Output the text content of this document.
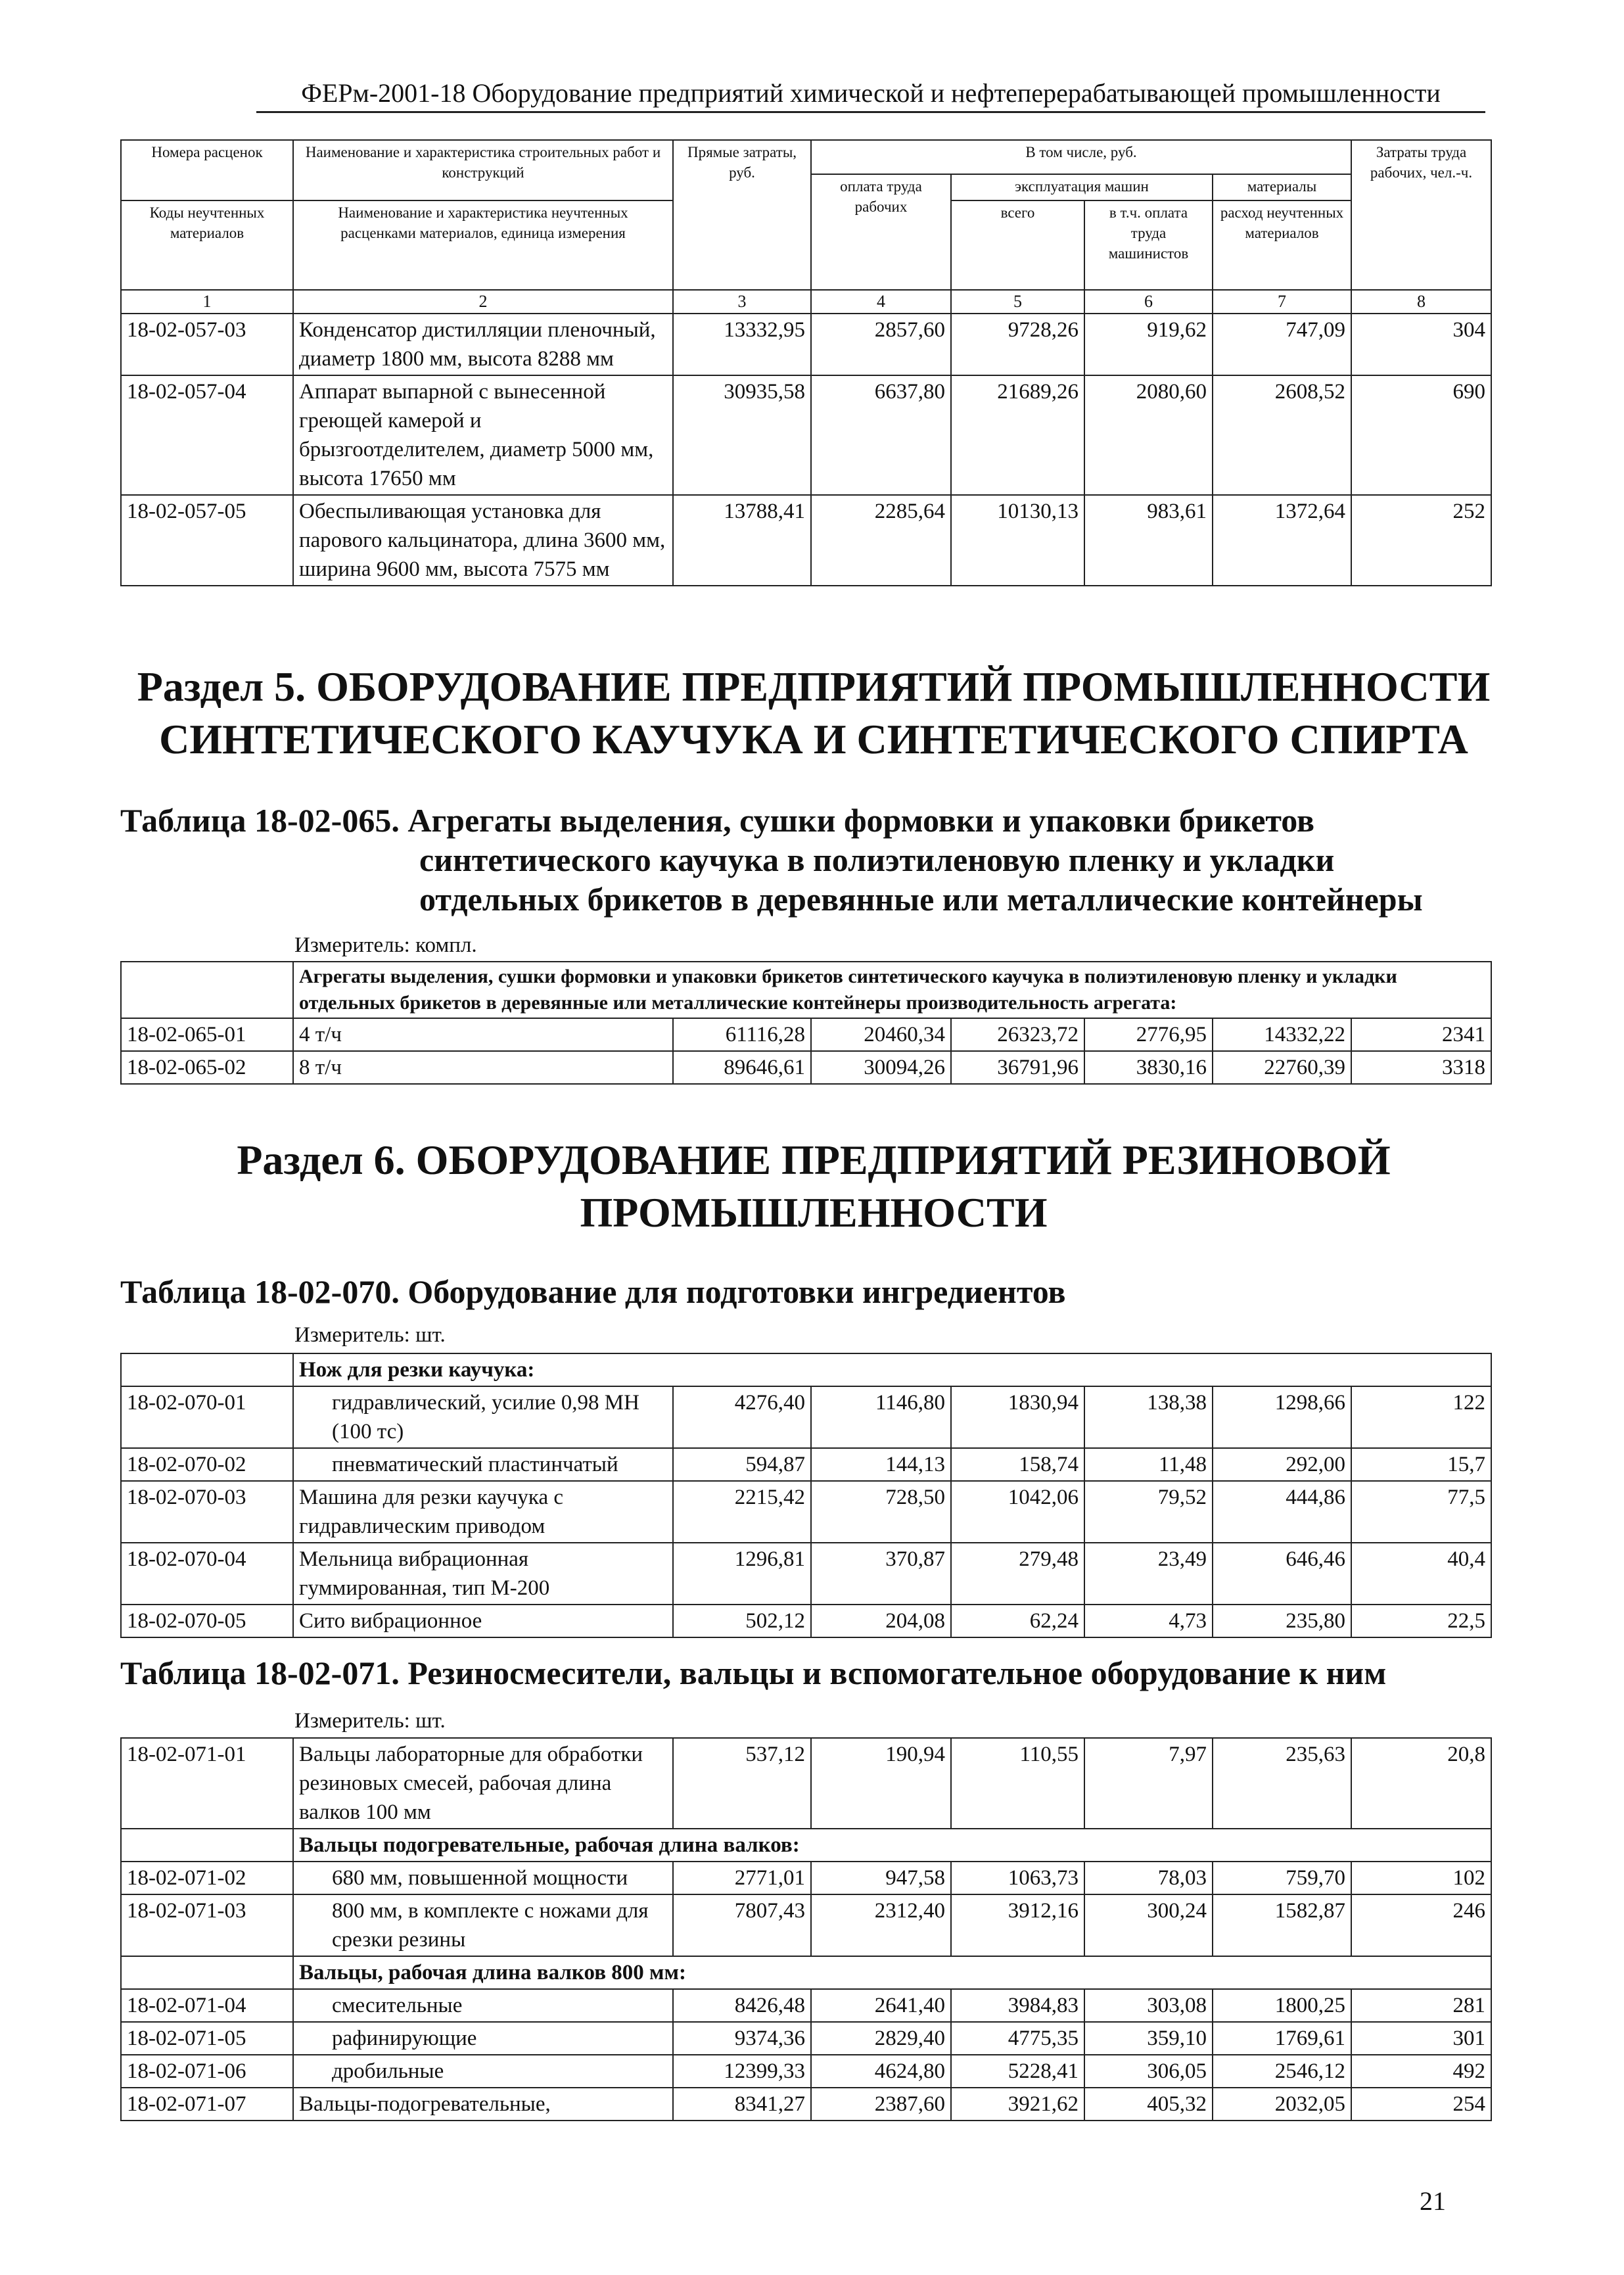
ФЕРм-2001-18 Оборудование предприятий химической и нефтеперерабатывающей промышленности
Номера расценок	Наименование и характеристика строительных работ и конструкций	Прямые затраты, руб.	В том числе, руб.				Затраты труда рабочих, чел.-ч.
			оплата труда рабочих	эксплуатация машин		материалы	
Коды неучтенных материалов	Наименование и характеристика неучтенных расценками материалов, единица измерения			всего	в т.ч. оплата труда машинистов	расход неучтенных материалов	

1	2	3	4	5	6	7	8
18-02-057-03	Конденсатор дистилляции пленочный, диаметр 1800 мм, высота 8288 мм	13332,95	2857,60	9728,26	919,62	747,09	304
18-02-057-04	Аппарат выпарной с вынесенной греющей камерой и брызгоотделителем, диаметр 5000 мм, высота 17650 мм	30935,58	6637,80	21689,26	2080,60	2608,52	690
18-02-057-05	Обеспыливающая установка для парового кальцинатора, длина 3600 мм, ширина 9600 мм, высота 7575 мм	13788,41	2285,64	10130,13	983,61	1372,64	252
Раздел 5. ОБОРУДОВАНИЕ ПРЕДПРИЯТИЙ ПРОМЫШЛЕННОСТИ СИНТЕТИЧЕСКОГО КАУЧУКА И СИНТЕТИЧЕСКОГО СПИРТА
Таблица 18-02-065. Агрегаты выделения, сушки формовки и упаковки брикетов
синтетического каучука в полиэтиленовую пленку и укладки
отдельных брикетов в деревянные или металлические контейнеры
Измеритель: компл.
	Агрегаты выделения, сушки формовки и упаковки брикетов синтетического каучука в полиэтиленовую пленку и укладки отдельных брикетов в деревянные или металлические контейнеры производительность агрегата:						
18-02-065-01	4 т/ч	61116,28	20460,34	26323,72	2776,95	14332,22	2341
18-02-065-02	8 т/ч	89646,61	30094,26	36791,96	3830,16	22760,39	3318
Раздел 6. ОБОРУДОВАНИЕ ПРЕДПРИЯТИЙ РЕЗИНОВОЙ
ПРОМЫШЛЕННОСТИ
Таблица 18-02-070. Оборудование для подготовки ингредиентов
Измеритель: шт.
	Нож для резки каучука:						
18-02-070-01	гидравлический, усилие 0,98 МН (100 тс)	4276,40	1146,80	1830,94	138,38	1298,66	122
18-02-070-02	пневматический пластинчатый	594,87	144,13	158,74	11,48	292,00	15,7
18-02-070-03	Машина для резки каучука с гидравлическим приводом	2215,42	728,50	1042,06	79,52	444,86	77,5
18-02-070-04	Мельница вибрационная гуммированная, тип М-200	1296,81	370,87	279,48	23,49	646,46	40,4
18-02-070-05	Сито вибрационное	502,12	204,08	62,24	4,73	235,80	22,5
Таблица 18-02-071. Резиносмесители, вальцы и вспомогательное оборудование к ним
Измеритель: шт.
18-02-071-01	Вальцы лабораторные для обработки резиновых смесей, рабочая длина валков 100 мм	537,12	190,94	110,55	7,97	235,63	20,8
	Вальцы подогревательные, рабочая длина валков:						
18-02-071-02	680 мм, повышенной мощности	2771,01	947,58	1063,73	78,03	759,70	102
18-02-071-03	800 мм, в комплекте с ножами для срезки резины	7807,43	2312,40	3912,16	300,24	1582,87	246
	Вальцы, рабочая длина валков 800 мм:						
18-02-071-04	смесительные	8426,48	2641,40	3984,83	303,08	1800,25	281
18-02-071-05	рафинирующие	9374,36	2829,40	4775,35	359,10	1769,61	301
18-02-071-06	дробильные	12399,33	4624,80	5228,41	306,05	2546,12	492
18-02-071-07	Вальцы-подогревательные,	8341,27	2387,60	3921,62	405,32	2032,05	254
21
